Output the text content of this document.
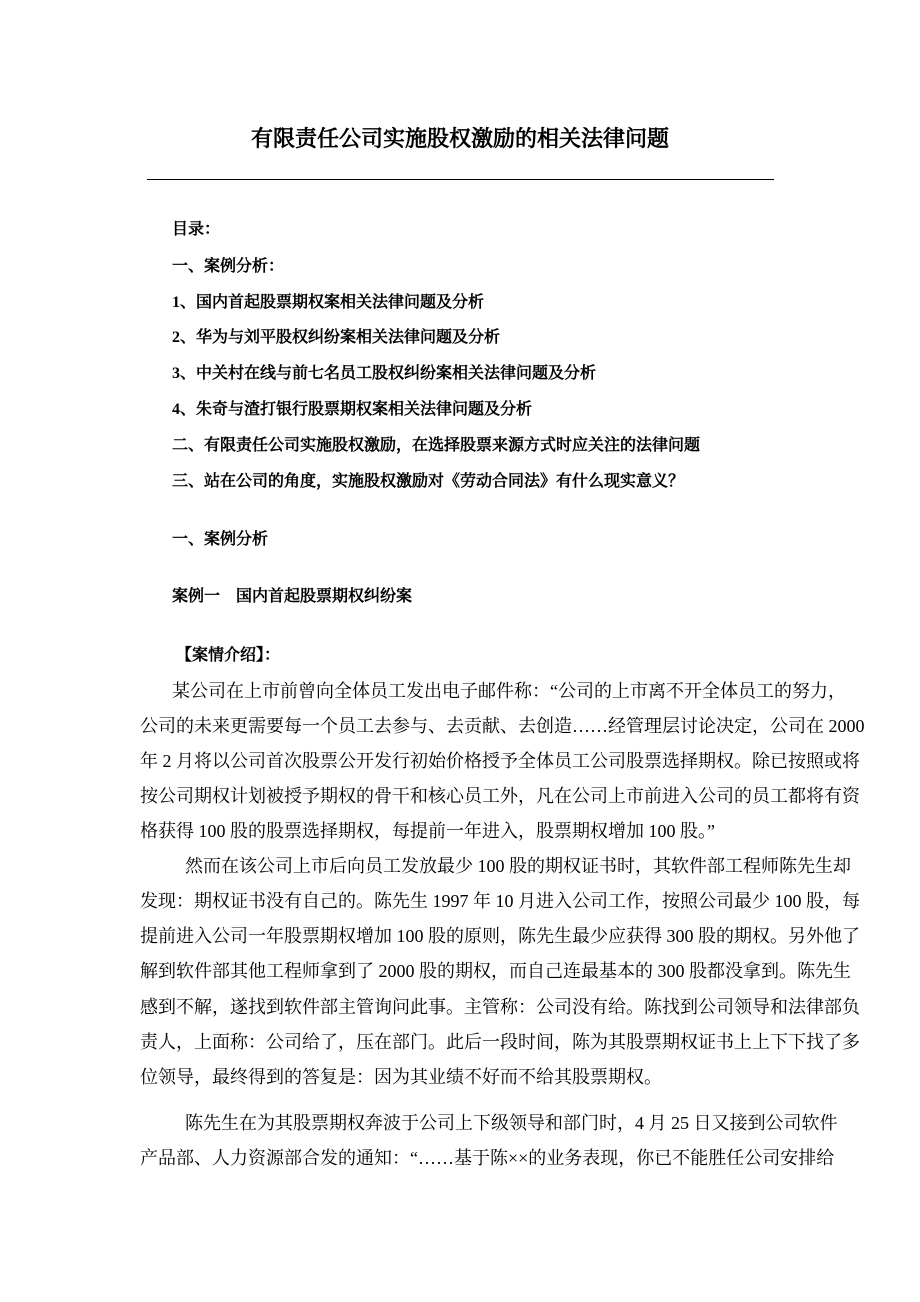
有限责任公司实施股权激励的相关法律问题
目录：
一、案例分析：
1、国内首起股票期权案相关法律问题及分析
2、华为与刘平股权纠纷案相关法律问题及分析
3、中关村在线与前七名员工股权纠纷案相关法律问题及分析
4、朱奇与渣打银行股票期权案相关法律问题及分析
二、有限责任公司实施股权激励，在选择股票来源方式时应关注的法律问题
三、站在公司的角度，实施股权激励对《劳动合同法》有什么现实意义？
一、案例分析
案例一　国内首起股票期权纠纷案
【案情介绍】：
某公司在上市前曾向全体员工发出电子邮件称：“公司的上市离不开全体员工的努力，
公司的未来更需要每一个员工去参与、去贡献、去创造……经管理层讨论决定，公司在 2000
年 2 月将以公司首次股票公开发行初始价格授予全体员工公司股票选择期权。除已按照或将
按公司期权计划被授予期权的骨干和核心员工外，凡在公司上市前进入公司的员工都将有资
格获得 100 股的股票选择期权，每提前一年进入，股票期权增加 100 股。”
然而在该公司上市后向员工发放最少 100 股的期权证书时，其软件部工程师陈先生却
发现：期权证书没有自己的。陈先生 1997 年 10 月进入公司工作，按照公司最少 100 股，每
提前进入公司一年股票期权增加 100 股的原则，陈先生最少应获得 300 股的期权。另外他了
解到软件部其他工程师拿到了 2000 股的期权，而自己连最基本的 300 股都没拿到。陈先生
感到不解，遂找到软件部主管询问此事。主管称：公司没有给。陈找到公司领导和法律部负
责人，上面称：公司给了，压在部门。此后一段时间，陈为其股票期权证书上上下下找了多
位领导，最终得到的答复是：因为其业绩不好而不给其股票期权。
陈先生在为其股票期权奔波于公司上下级领导和部门时，4 月 25 日又接到公司软件
产品部、人力资源部合发的通知：“……基于陈××的业务表现，你已不能胜任公司安排给
